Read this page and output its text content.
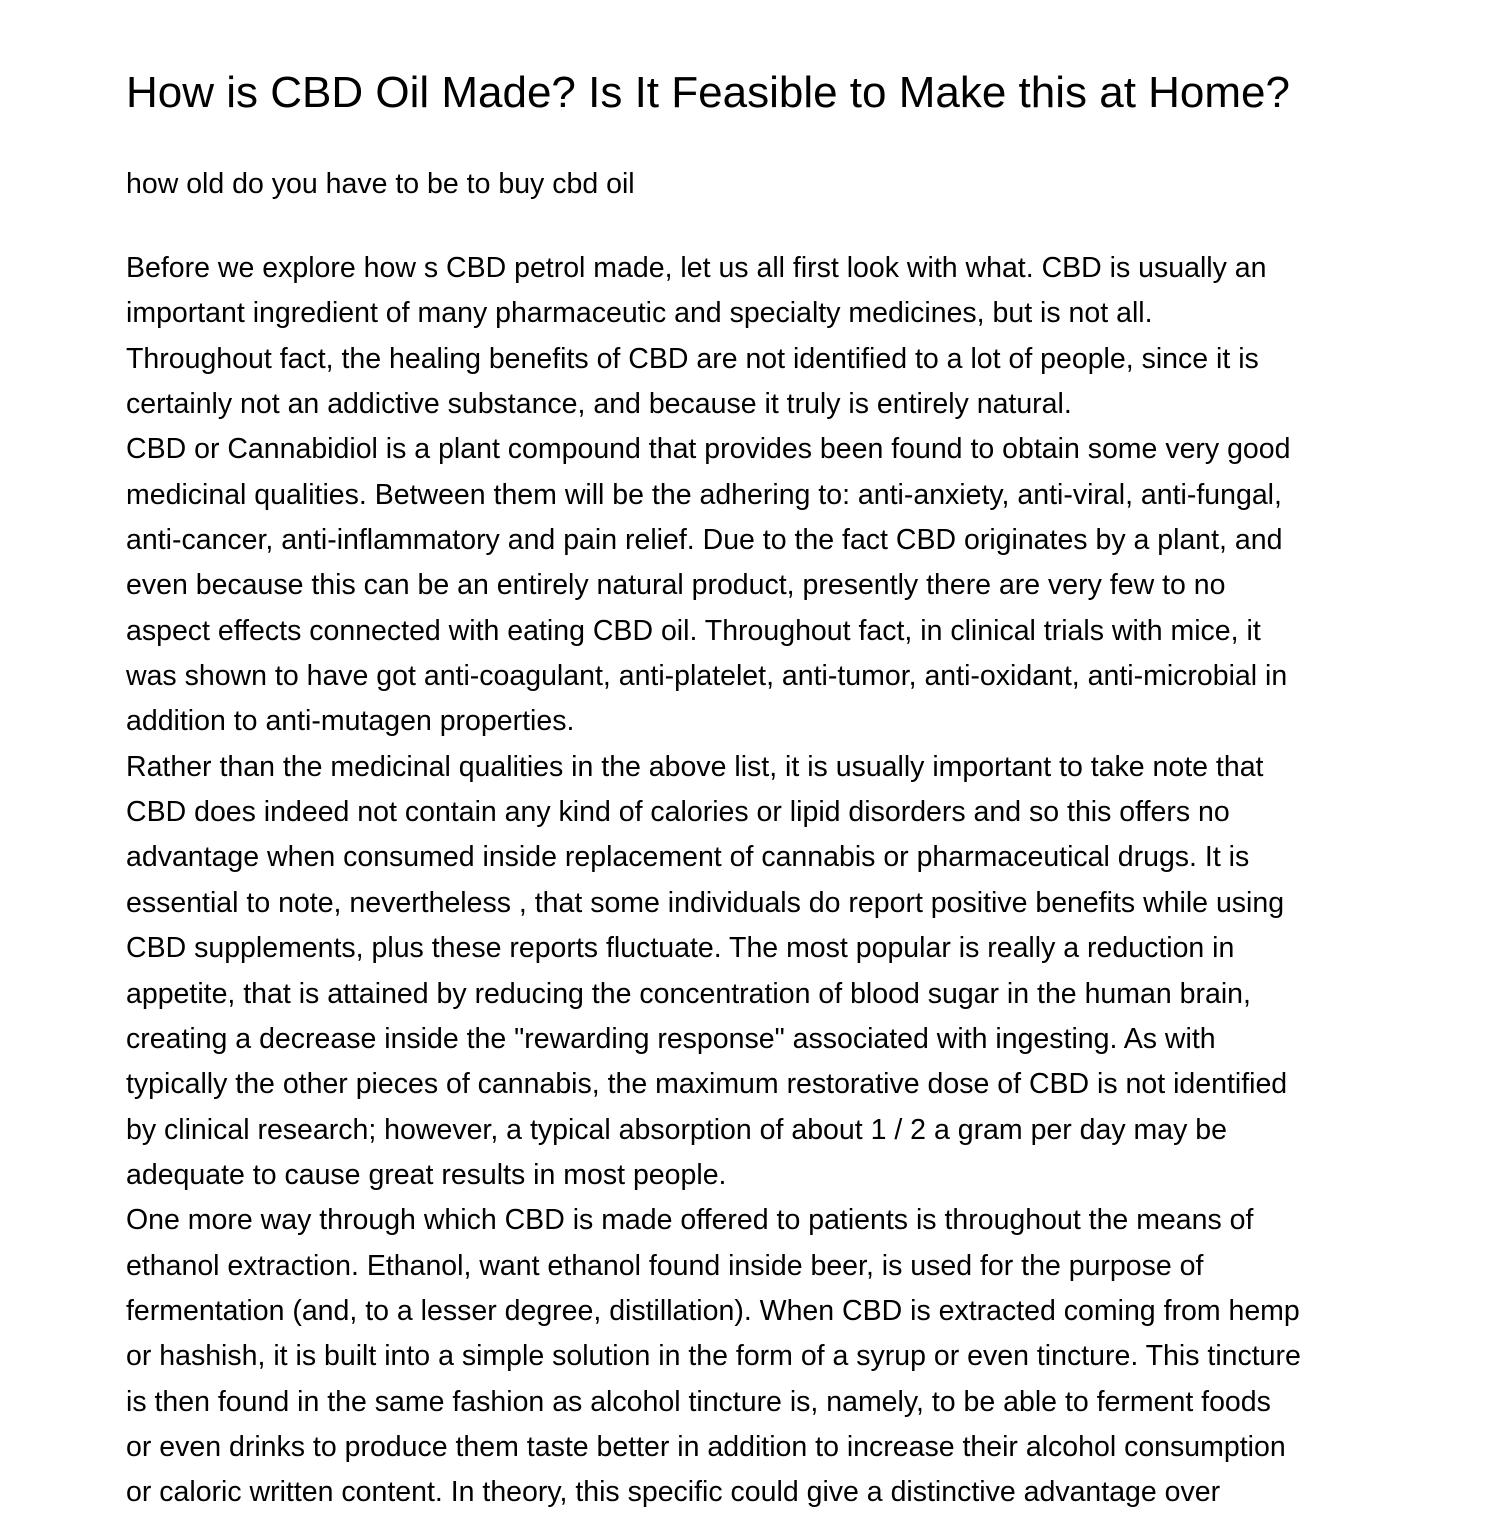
How is CBD Oil Made? Is It Feasible to Make this at Home?

how old do you have to be to buy cbd oil

Before we explore how s CBD petrol made, let us all first look with what. CBD is usually an
important ingredient of many pharmaceutic and specialty medicines, but is not all.
Throughout fact, the healing benefits of CBD are not identified to a lot of people, since it is
certainly not an addictive substance, and because it truly is entirely natural.
CBD or Cannabidiol is a plant compound that provides been found to obtain some very good
medicinal qualities. Between them will be the adhering to: anti-anxiety, anti-viral, anti-fungal,
anti-cancer, anti-inflammatory and pain relief. Due to the fact CBD originates by a plant, and
even because this can be an entirely natural product, presently there are very few to no
aspect effects connected with eating CBD oil. Throughout fact, in clinical trials with mice, it
was shown to have got anti-coagulant, anti-platelet, anti-tumor, anti-oxidant, anti-microbial in
addition to anti-mutagen properties.
Rather than the medicinal qualities in the above list, it is usually important to take note that
CBD does indeed not contain any kind of calories or lipid disorders and so this offers no
advantage when consumed inside replacement of cannabis or pharmaceutical drugs. It is
essential to note, nevertheless , that some individuals do report positive benefits while using
CBD supplements, plus these reports fluctuate. The most popular is really a reduction in
appetite, that is attained by reducing the concentration of blood sugar in the human brain,
creating a decrease inside the "rewarding response" associated with ingesting. As with
typically the other pieces of cannabis, the maximum restorative dose of CBD is not identified
by clinical research; however, a typical absorption of about 1 / 2 a gram per day may be
adequate to cause great results in most people.
One more way through which CBD is made offered to patients is throughout the means of
ethanol extraction. Ethanol, want ethanol found inside beer, is used for the purpose of
fermentation (and, to a lesser degree, distillation). When CBD is extracted coming from hemp
or hashish, it is built into a simple solution in the form of a syrup or even tincture. This tincture
is then found in the same fashion as alcohol tincture is, namely, to be able to ferment foods
or even drinks to produce them taste better in addition to increase their alcohol consumption
or caloric written content. In theory, this specific could give a distinctive advantage over
